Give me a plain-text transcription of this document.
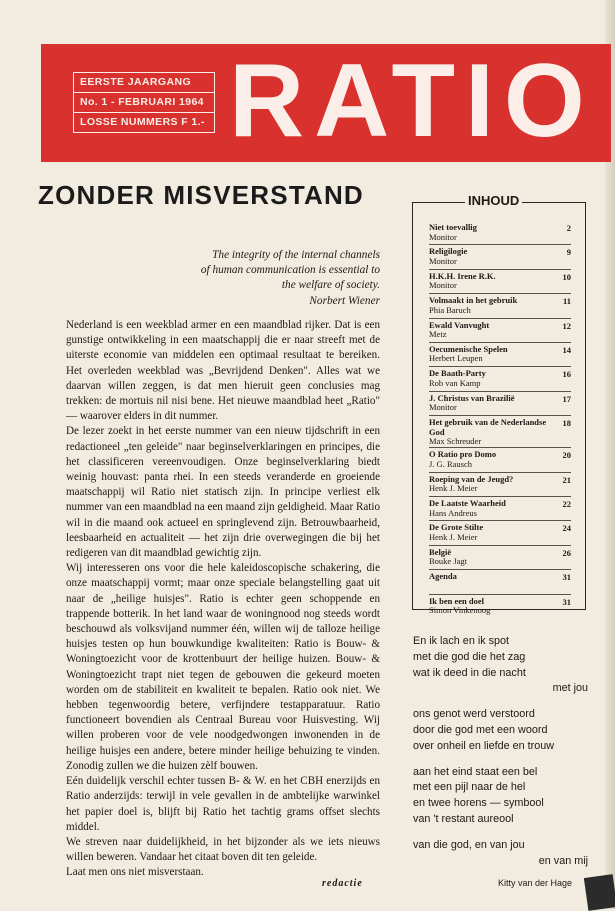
EERSTE JAARGANG
No. 1 - FEBRUARI 1964
LOSSE NUMMERS F 1.- RATIO
ZONDER MISVERSTAND
The integrity of the internal channels
of human communication is essential to
the welfare of society.
Norbert Wiener

Nederland is een weekblad armer en een maandblad rijker. Dat is een gunstige ontwikkeling in een maatschappij die er naar streeft met de uiterste economie van middelen een optimaal resultaat te bereiken. Het overleden weekblad was „Bevrijdend Denken". Alles wat we daarvan willen zeggen, is dat men hieruit geen conclusies mag trekken: de mortuis nil nisi bene. Het nieuwe maandblad heet „Ratio" — waarover elders in dit nummer.

De lezer zoekt in het eerste nummer van een nieuw tijdschrift in een redactioneel „ten geleide" naar beginselverklaringen en principes, die het classificeren vereenvoudigen. Onze beginselverklaring biedt weinig houvast: panta rhei. In een steeds veranderde en groeiende maatschappij wil Ratio niet statisch zijn. In principe verliest elk nummer van een maandblad na een maand zijn geldigheid. Maar Ratio wil in die maand ook actueel en springlevend zijn. Betrouwbaarheid, leesbaarheid en actualiteit — het zijn drie overwegingen die bij het redigeren van dit maandblad gewichtig zijn.

Wij interesseren ons voor die hele kaleidoscopische schakering, die onze maatschappij vormt; maar onze speciale belangstelling gaat uit naar de „heilige huisjes". Ratio is echter geen schoppende en trappende botterik. In het land waar de woningnood nog steeds wordt beschouwd als volksvijand nummer één, willen wij de talloze heilige huisjes testen op hun bouwkundige kwaliteiten: Ratio is Bouw- & Woningtoezicht voor de krottenbuurt der heilige huizen. Bouw- & Woningtoezicht trapt niet tegen de gebouwen die gekeurd moeten worden om de stabiliteit en kwaliteit te bepalen. Ratio ook niet. We hebben tegenwoordig betere, verfijndere testapparatuur. Ratio functioneert bovendien als Centraal Bureau voor Huisvesting. Wij willen proberen voor de vele noodgedwongen inwonenden in de heilige huisjes een andere, betere minder heilige behuizing te vinden. Zonodig zullen we die huizen zèlf bouwen.

Eén duidelijk verschil echter tussen B- & W. en het CBH enerzijds en Ratio anderzijds: terwijl in vele gevallen in de ambtelijke warwinkel het papier doel is, blijft bij Ratio het tachtig grams offset slechts middel.

We streven naar duidelijkheid, in het bijzonder als we iets nieuws willen beweren. Vandaar het citaat boven dit ten geleide.

Laat men ons niet misverstaan.

redactie
INHOUD
Niet toevallig
Monitor
2
Religilogie
Monitor
9
H.K.H. Irene R.K.
Monitor
10
Volmaakt in het gebruik
Phia Baruch
11
Ewald Vanvught
Metz
12
Oecumenische Spelen
Herbert Leupen
14
De Baath-Party
Rob van Kamp
16
J. Christus van Brazilië
Monitor
17
Het gebruik van de Nederlandse God
Max Schreuder
18
O Ratio pro Domo
J. G. Rausch
20
Roeping van de Jeugd?
Henk J. Meier
21
De Laatste Waarheid
Hans Andreus
22
De Grote Stilte
Henk J. Meier
24
België
Bouke Jagt
26
Agenda	31
Ik ben een doel
Simon Vinkenoog
31
En ik lach en ik spot
met die god die het zag
wat ik deed in die nacht
met jou
ons genot werd verstoord
door die god met een woord
over onheil en liefde en trouw
aan het eind staat een bel
met een pijl naar de hel
en twee horens — symbool
van 't restant aureool
van die god, en van jou
en van mij
Kitty van der Hage
